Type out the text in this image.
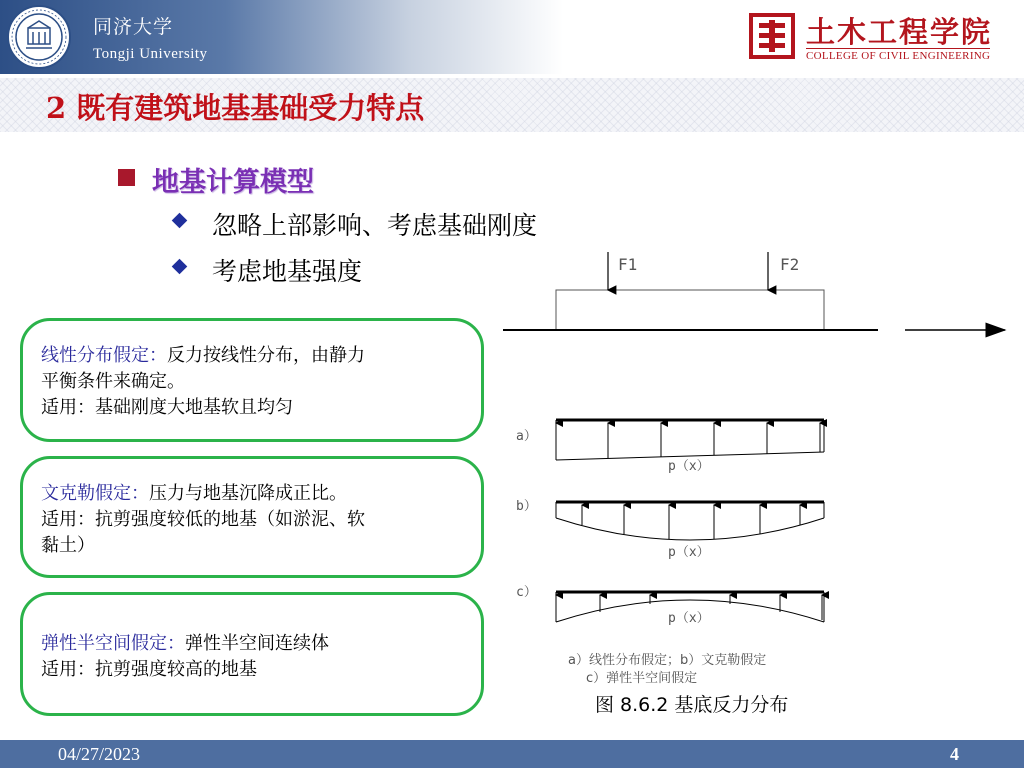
同济大学
Tongji University
土木工程学院
COLLEGE OF CIVIL ENGINEERING
2 既有建筑地基基础受力特点
地基计算模型
忽略上部影响、考虑基础刚度
考虑地基强度
线性分布假定：反力按线性分布，由静力
平衡条件来确定。
适用：基础刚度大地基软且均匀
文克勒假定：压力与地基沉降成正比。
适用：抗剪强度较低的地基（如淤泥、软
黏土）
弹性半空间假定：弹性半空间连续体
适用：抗剪强度较高的地基
F1	F2
a）
p（x）
b）
p（x）
c）
p（x）
a）线性分布假定；b）文克勒假定
c）弹性半空间假定
图 8.6.2 基底反力分布
04/27/2023	4
